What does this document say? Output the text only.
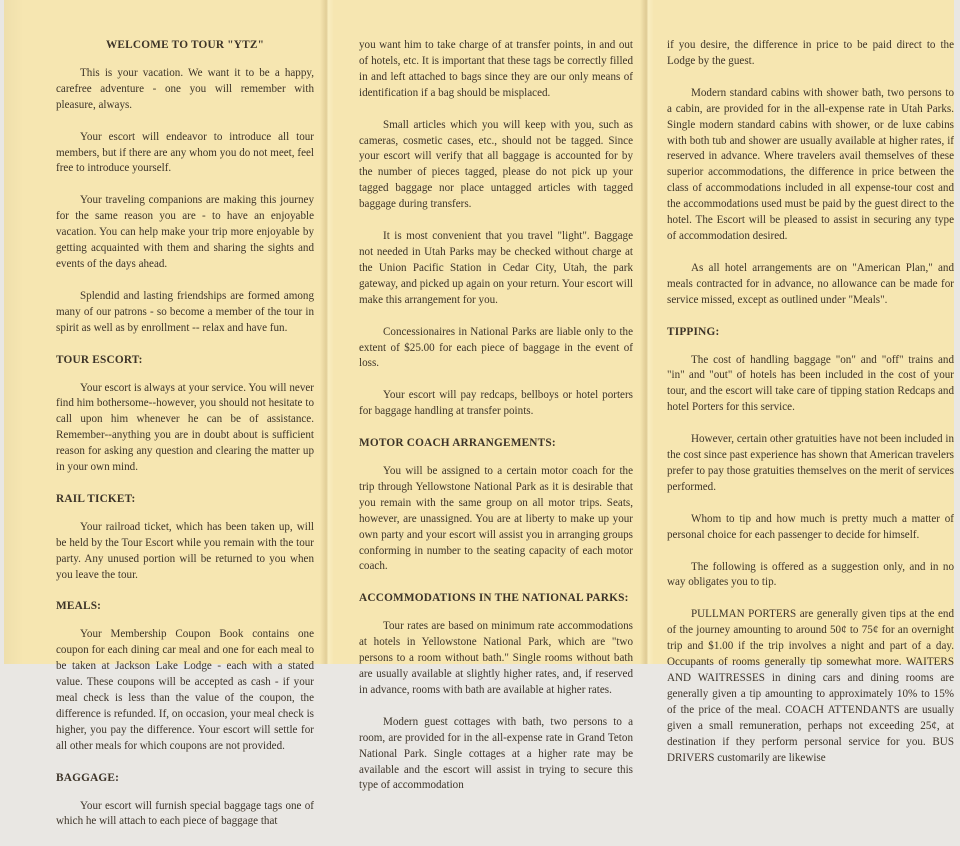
WELCOME TO TOUR "YTZ"

This is your vacation. We want it to be a happy, carefree adventure - one you will remember with pleasure, always.

Your escort will endeavor to introduce all tour members, but if there are any whom you do not meet, feel free to introduce yourself.

Your traveling companions are making this journey for the same reason you are - to have an enjoyable vacation. You can help make your trip more enjoyable by getting acquainted with them and sharing the sights and events of the days ahead.

Splendid and lasting friendships are formed among many of our patrons - so become a member of the tour in spirit as well as by enrollment -- relax and have fun.

TOUR ESCORT:

Your escort is always at your service. You will never find him bothersome--however, you should not hesitate to call upon him whenever he can be of assistance. Remember--anything you are in doubt about is sufficient reason for asking any question and clearing the matter up in your own mind.

RAIL TICKET:

Your railroad ticket, which has been taken up, will be held by the Tour Escort while you remain with the tour party. Any unused portion will be returned to you when you leave the tour.

MEALS:

Your Membership Coupon Book contains one coupon for each dining car meal and one for each meal to be taken at Jackson Lake Lodge - each with a stated value. These coupons will be accepted as cash - if your meal check is less than the value of the coupon, the difference is refunded. If, on occasion, your meal check is higher, you pay the difference. Your escort will settle for all other meals for which coupons are not provided.

BAGGAGE:

Your escort will furnish special baggage tags one of which he will attach to each piece of baggage that

you want him to take charge of at transfer points, in and out of hotels, etc. It is important that these tags be correctly filled in and left attached to bags since they are our only means of identification if a bag should be misplaced.

Small articles which you will keep with you, such as cameras, cosmetic cases, etc., should not be tagged. Since your escort will verify that all baggage is accounted for by the number of pieces tagged, please do not pick up your tagged baggage nor place untagged articles with tagged baggage during transfers.

It is most convenient that you travel "light". Baggage not needed in Utah Parks may be checked without charge at the Union Pacific Station in Cedar City, Utah, the park gateway, and picked up again on your return. Your escort will make this arrangement for you.

Concessionaires in National Parks are liable only to the extent of $25.00 for each piece of baggage in the event of loss.

Your escort will pay redcaps, bellboys or hotel porters for baggage handling at transfer points.

MOTOR COACH ARRANGEMENTS:

You will be assigned to a certain motor coach for the trip through Yellowstone National Park as it is desirable that you remain with the same group on all motor trips. Seats, however, are unassigned. You are at liberty to make up your own party and your escort will assist you in arranging groups conforming in number to the seating capacity of each motor coach.

ACCOMMODATIONS IN THE NATIONAL PARKS:

Tour rates are based on minimum rate accommodations at hotels in Yellowstone National Park, which are "two persons to a room without bath." Single rooms without bath are usually available at slightly higher rates, and, if reserved in advance, rooms with bath are available at higher rates.

Modern guest cottages with bath, two persons to a room, are provided for in the all-expense rate in Grand Teton National Park. Single cottages at a higher rate may be available and the escort will assist in trying to secure this type of accommodation

if you desire, the difference in price to be paid direct to the Lodge by the guest.

Modern standard cabins with shower bath, two persons to a cabin, are provided for in the all-expense rate in Utah Parks. Single modern standard cabins with shower, or de luxe cabins with both tub and shower are usually available at higher rates, if reserved in advance. Where travelers avail themselves of these superior accommodations, the difference in price between the class of accommodations included in all expense-tour cost and the accommodations used must be paid by the guest direct to the hotel. The Escort will be pleased to assist in securing any type of accommodation desired.

As all hotel arrangements are on "American Plan," and meals contracted for in advance, no allowance can be made for service missed, except as outlined under "Meals".

TIPPING:

The cost of handling baggage "on" and "off" trains and "in" and "out" of hotels has been included in the cost of your tour, and the escort will take care of tipping station Redcaps and hotel Porters for this service.

However, certain other gratuities have not been included in the cost since past experience has shown that American travelers prefer to pay those gratuities themselves on the merit of services performed.

Whom to tip and how much is pretty much a matter of personal choice for each passenger to decide for himself.

The following is offered as a suggestion only, and in no way obligates you to tip.

PULLMAN PORTERS are generally given tips at the end of the journey amounting to around 50¢ to 75¢ for an overnight trip and $1.00 if the trip involves a night and part of a day. Occupants of rooms generally tip somewhat more. WAITERS AND WAITRESSES in dining cars and dining rooms are generally given a tip amounting to approximately 10% to 15% of the price of the meal. COACH ATTENDANTS are usually given a small remuneration, perhaps not exceeding 25¢, at destination if they perform personal service for you. BUS DRIVERS customarily are likewise
